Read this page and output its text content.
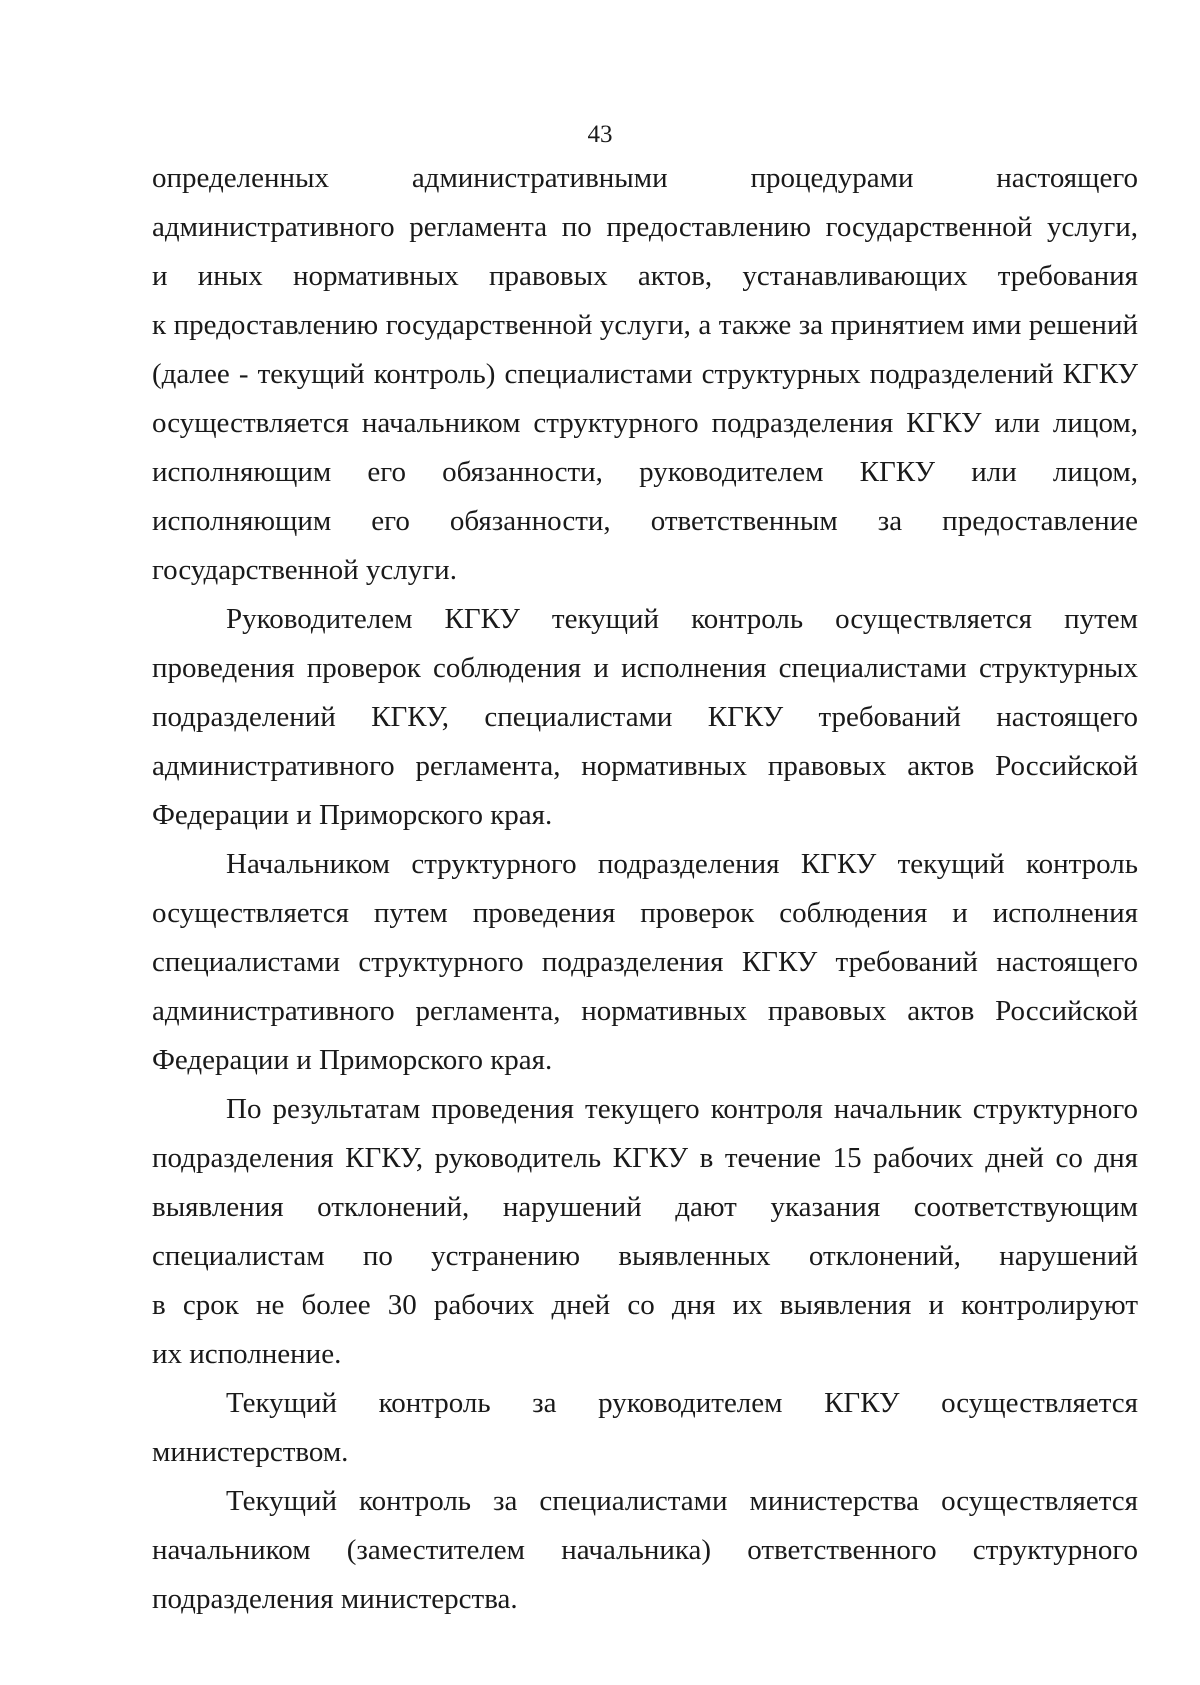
43
определенных административными процедурами настоящего
административного регламента по предоставлению государственной услуги,
и иных нормативных правовых актов, устанавливающих требования
к предоставлению государственной услуги, а также за принятием ими решений
(далее - текущий контроль) специалистами структурных подразделений КГКУ
осуществляется начальником структурного подразделения КГКУ или лицом,
исполняющим его обязанности, руководителем КГКУ или лицом,
исполняющим его обязанности, ответственным за предоставление
государственной услуги.
Руководителем КГКУ текущий контроль осуществляется путем
проведения проверок соблюдения и исполнения специалистами структурных
подразделений КГКУ, специалистами КГКУ требований настоящего
административного регламента, нормативных правовых актов Российской
Федерации и Приморского края.
Начальником структурного подразделения КГКУ текущий контроль
осуществляется путем проведения проверок соблюдения и исполнения
специалистами структурного подразделения КГКУ требований настоящего
административного регламента, нормативных правовых актов Российской
Федерации и Приморского края.
По результатам проведения текущего контроля начальник структурного
подразделения КГКУ, руководитель КГКУ в течение 15 рабочих дней со дня
выявления отклонений, нарушений дают указания соответствующим
специалистам по устранению выявленных отклонений, нарушений
в срок не более 30 рабочих дней со дня их выявления и контролируют
их исполнение.
Текущий контроль за руководителем КГКУ осуществляется
министерством.
Текущий контроль за специалистами министерства осуществляется
начальником (заместителем начальника) ответственного структурного
подразделения министерства.
